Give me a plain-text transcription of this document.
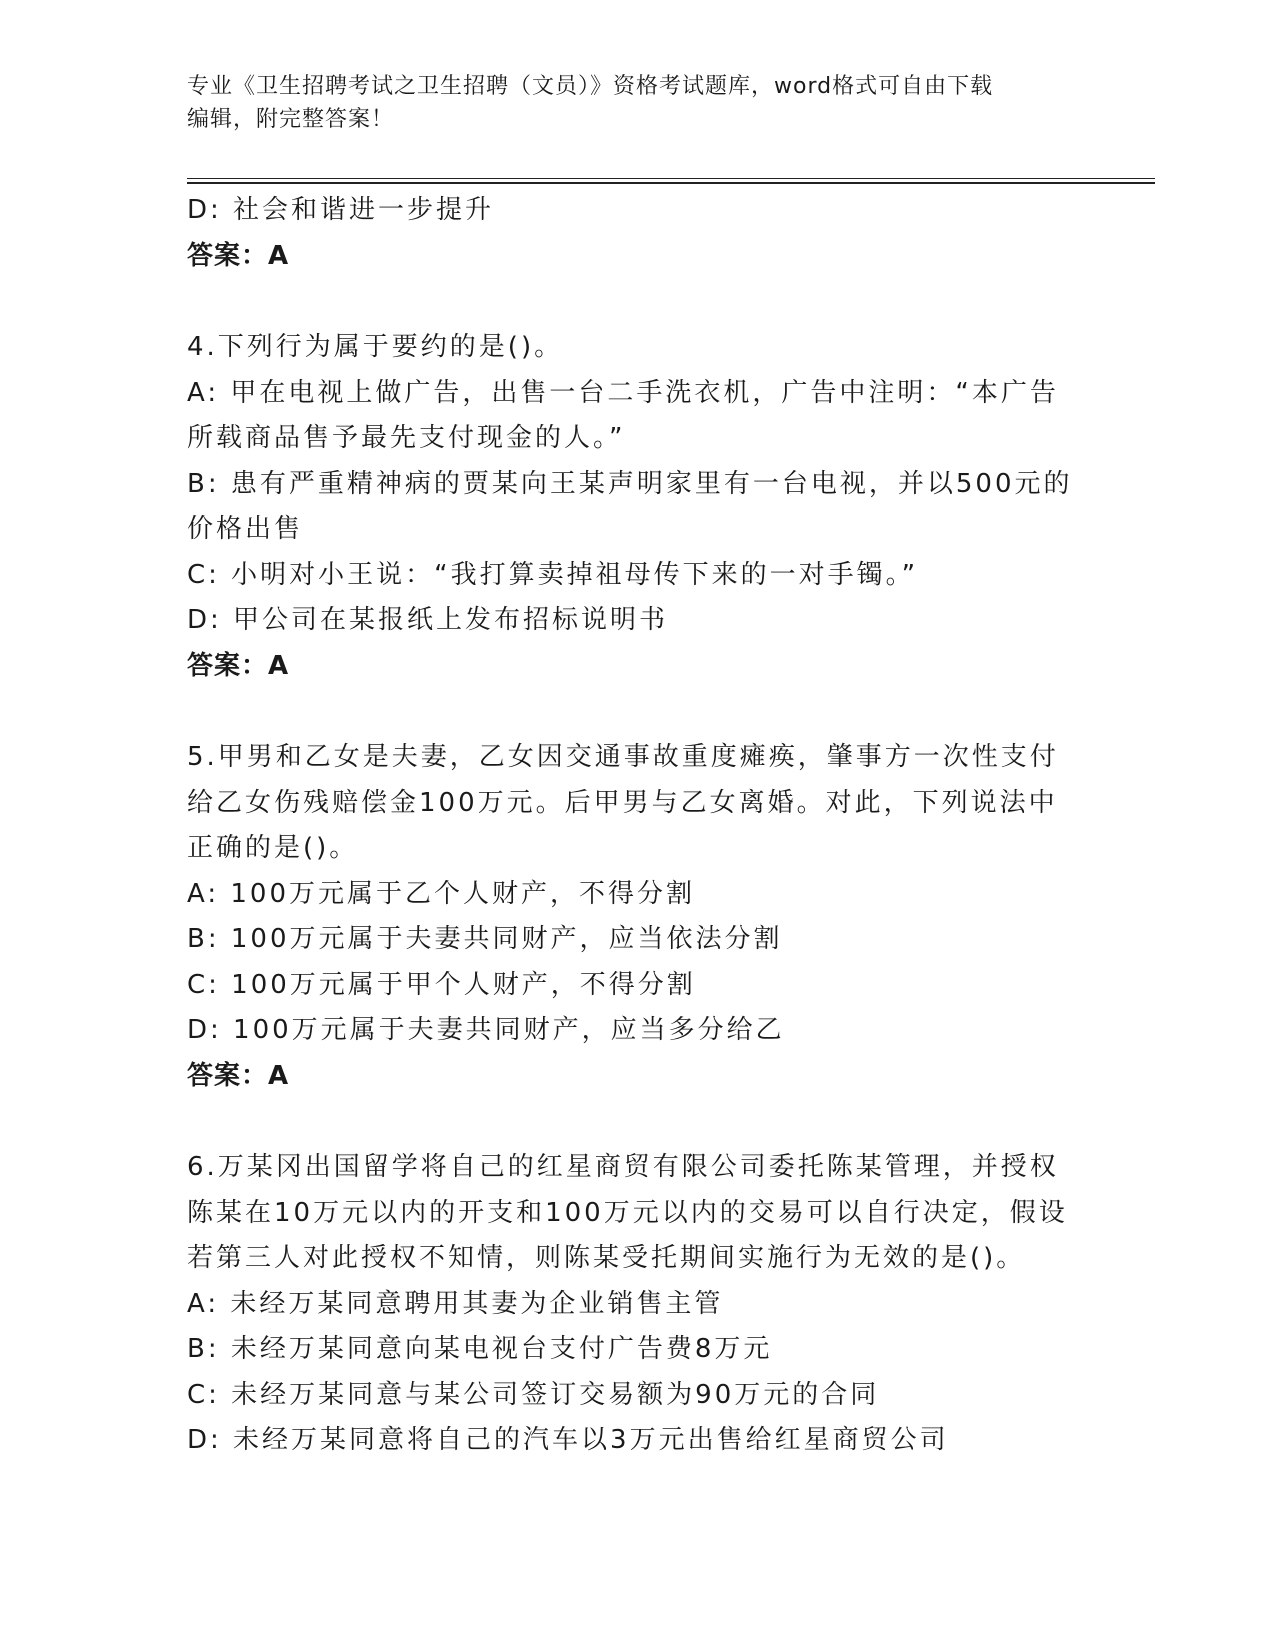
专业《卫生招聘考试之卫生招聘（文员）》资格考试题库，word格式可自由下载
编辑，附完整答案！
D: 社会和谐进一步提升
答案：A
4.下列行为属于要约的是()。
A: 甲在电视上做广告，出售一台二手洗衣机，广告中注明：“本广告
所载商品售予最先支付现金的人。”
B: 患有严重精神病的贾某向王某声明家里有一台电视，并以500元的
价格出售
C: 小明对小王说：“我打算卖掉祖母传下来的一对手镯。”
D: 甲公司在某报纸上发布招标说明书
答案：A
5.甲男和乙女是夫妻，乙女因交通事故重度瘫痪，肇事方一次性支付
给乙女伤残赔偿金100万元。后甲男与乙女离婚。对此，下列说法中
正确的是()。
A: 100万元属于乙个人财产，不得分割
B: 100万元属于夫妻共同财产，应当依法分割
C: 100万元属于甲个人财产，不得分割
D: 100万元属于夫妻共同财产，应当多分给乙
答案：A
6.万某冈出国留学将自己的红星商贸有限公司委托陈某管理，并授权
陈某在10万元以内的开支和100万元以内的交易可以自行决定，假设
若第三人对此授权不知情，则陈某受托期间实施行为无效的是()。
A: 未经万某同意聘用其妻为企业销售主管
B: 未经万某同意向某电视台支付广告费8万元
C: 未经万某同意与某公司签订交易额为90万元的合同
D: 未经万某同意将自己的汽车以3万元出售给红星商贸公司
